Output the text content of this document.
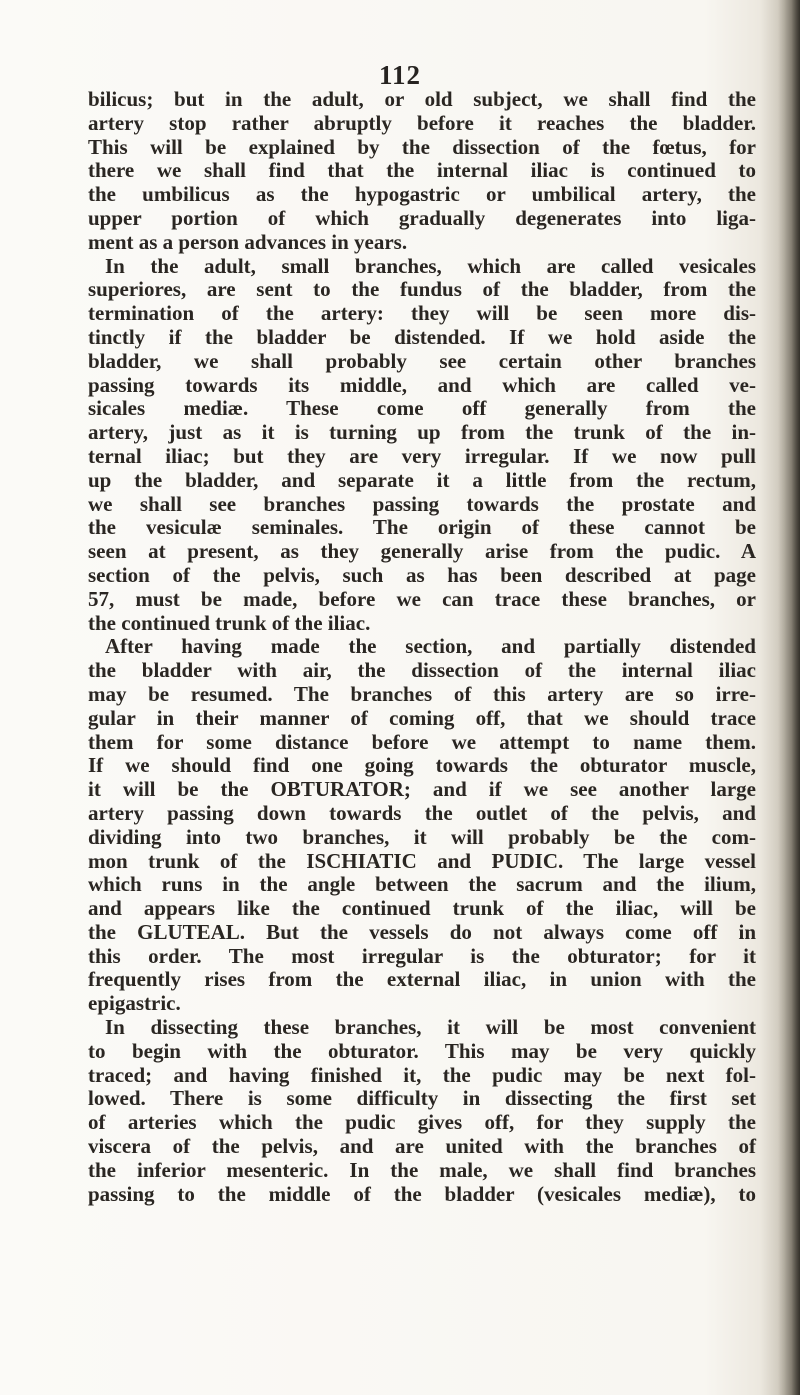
112
bilicus; but in the adult, or old subject, we shall find the
artery stop rather abruptly before it reaches the bladder.
This will be explained by the dissection of the fœtus, for
there we shall find that the internal iliac is continued to
the umbilicus as the hypogastric or umbilical artery, the
upper portion of which gradually degenerates into liga-
ment as a person advances in years.
In the adult, small branches, which are called vesicales
superiores, are sent to the fundus of the bladder, from the
termination of the artery: they will be seen more dis-
tinctly if the bladder be distended. If we hold aside the
bladder, we shall probably see certain other branches
passing towards its middle, and which are called ve-
sicales mediæ. These come off generally from the
artery, just as it is turning up from the trunk of the in-
ternal iliac; but they are very irregular. If we now pull
up the bladder, and separate it a little from the rectum,
we shall see branches passing towards the prostate and
the vesiculæ seminales. The origin of these cannot be
seen at present, as they generally arise from the pudic. A
section of the pelvis, such as has been described at page
57, must be made, before we can trace these branches, or
the continued trunk of the iliac.
After having made the section, and partially distended
the bladder with air, the dissection of the internal iliac
may be resumed. The branches of this artery are so irre-
gular in their manner of coming off, that we should trace
them for some distance before we attempt to name them.
If we should find one going towards the obturator muscle,
it will be the OBTURATOR; and if we see another large
artery passing down towards the outlet of the pelvis, and
dividing into two branches, it will probably be the com-
mon trunk of the ISCHIATIC and PUDIC. The large vessel
which runs in the angle between the sacrum and the ilium,
and appears like the continued trunk of the iliac, will be
the GLUTEAL. But the vessels do not always come off in
this order. The most irregular is the obturator; for it
frequently rises from the external iliac, in union with the
epigastric.
In dissecting these branches, it will be most convenient
to begin with the obturator. This may be very quickly
traced; and having finished it, the pudic may be next fol-
lowed. There is some difficulty in dissecting the first set
of arteries which the pudic gives off, for they supply the
viscera of the pelvis, and are united with the branches of
the inferior mesenteric. In the male, we shall find branches
passing to the middle of the bladder (vesicales mediæ), to
